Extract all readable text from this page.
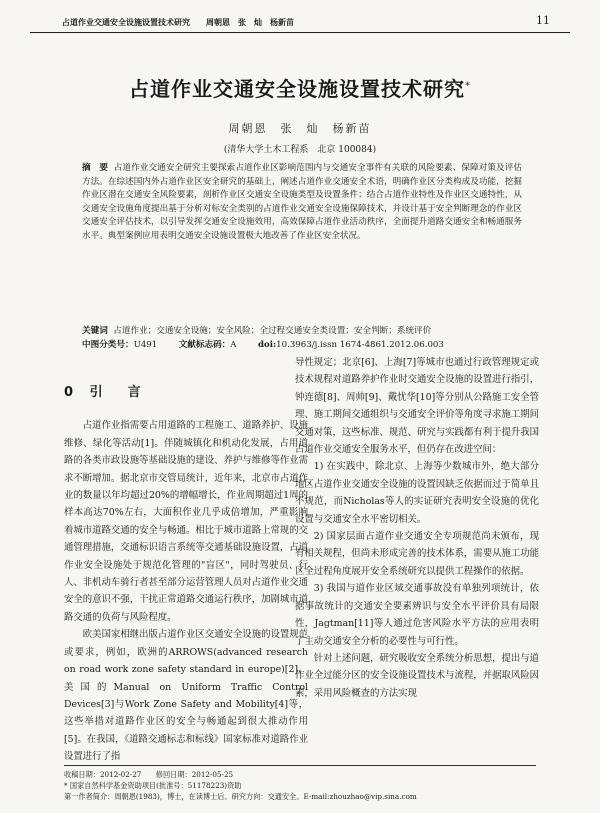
占道作业交通安全设施设置技术研究　　周朝恩　张　灿　杨新苗	11
占道作业交通安全设施设置技术研究*
周朝恩　张　灿　杨新苗
(清华大学土木工程系　北京 100084)
摘　要 占道作业交通安全研究主要探索占道作业区影响范围内与交通安全事件有关联的风险要素、保障对策及评估方法。在综述国内外占道作业区安全研究的基础上，阐述占道作业交通安全术语，明确作业区分类构成及功能，挖掘作业区潜在交通安全风险要素，剖析作业区交通安全设施类型及设置条件；结合占道作业特性及作业区交通特性，从交通安全设施角度提出基于分析对标安全类别的占道作业交通安全设施保障技术，并设计基于安全判断理念的作业区交通安全评估技术，以引导发挥交通安全设施效用，高效保障占道作业活动秩序，全面提升道路交通安全和畅通服务水平。典型案例应用表明交通安全设施设置极大地改善了作业区安全状况。
关键词 占道作业；交通安全设施；安全风险；全过程交通安全类设置；安全判断；系统评价
中图分类号：U491 文献标志码：A doi:10.3963/j.issn 1674-4861.2012.06.003
0 引　言

占道作业指需要占用道路的工程施工、道路养护、设施维修、绿化等活动[1]。伴随城镇化和机动化发展，占用道路的各类市政设施等基础设施的建设、养护与维修等作业需求不断增加。据北京市交管局统计，近年来，北京市占道作业的数量以年均超过20%的增幅增长，作业周期超过1周的样本高达70%左右，大面积作业几乎成倍增加，严重影响着城市道路交通的安全与畅通。相比于城市道路上常规的交通管理措施，交通标识语言系统等交通基础设施设置，占道作业安全设施处于规范化管理的"盲区"，同时驾驶员、行人、非机动车骑行者甚至部分运营管理人员对占道作业交通安全的意识不强，干扰正常道路交通运行秩序，加剧城市道路交通的负荷与风险程度。

欧美国家相继出版占道作业区交通安全设施的设置规范或要求，例如，欧洲的ARROWS(advanced research on road work zone safety standard in europe)[2]，美国的Manual on Uniform Traffic Control Devices[3]与Work Zone Safety and Mobility[4]等，这些举措对道路作业区的安全与畅通起到很大推动作用[5]。在我国，《道路交通标志和标线》国家标准对道路作业设置进行了指

导性规定；北京[6]、上海[7]等城市也通过行政管理规定或技术规程对道路养护作业时交通安全设施的设置进行指引，钟连德[8]、周帅[9]、戴忧华[10]等分别从公路施工安全管理、施工期间交通组织与交通安全评价等角度寻求施工期间交通对策，这些标准、规范、研究与实践都有利于提升我国占道作业交通安全服务水平，但仍存在改进空间：

1) 在实践中，除北京、上海等少数城市外，绝大部分地区占道作业交通安全设施的设置因缺乏依据而过于简单且不规范，而Nicholas等人的实证研究表明安全设施的优化设置与交通安全水平密切相关。

2) 国家层面占道作业交通安全专项规范尚未颁布，现有相关规程，但尚未形成完善的技术体系，需要从施工功能区全过程角度展开安全系统研究以提供工程操作的依据。

3) 我国与道作业区域交通事故没有单独列项统计，依据事故统计的交通安全要素辨识与安全水平评价具有局限性，Jagtman[11]等人通过危害风险水平方法的应用表明了主动交通安全分析的必要性与可行性。

针对上述问题，研究吸收安全系统分析思想，提出与道作业全过能分区的安全设施设置技术与流程，并据取风险因素，采用风险概查的方法实现

收稿日期：2012-02-27　　修回日期：2012-05-25
* 国家自然科学基金资助项目(批准号：51178223)资助
第一作者简介：周朝恩(1983)，博士，在读博士后。研究方向：交通安全。E-mail:zhouzhao@vip.sina.com
